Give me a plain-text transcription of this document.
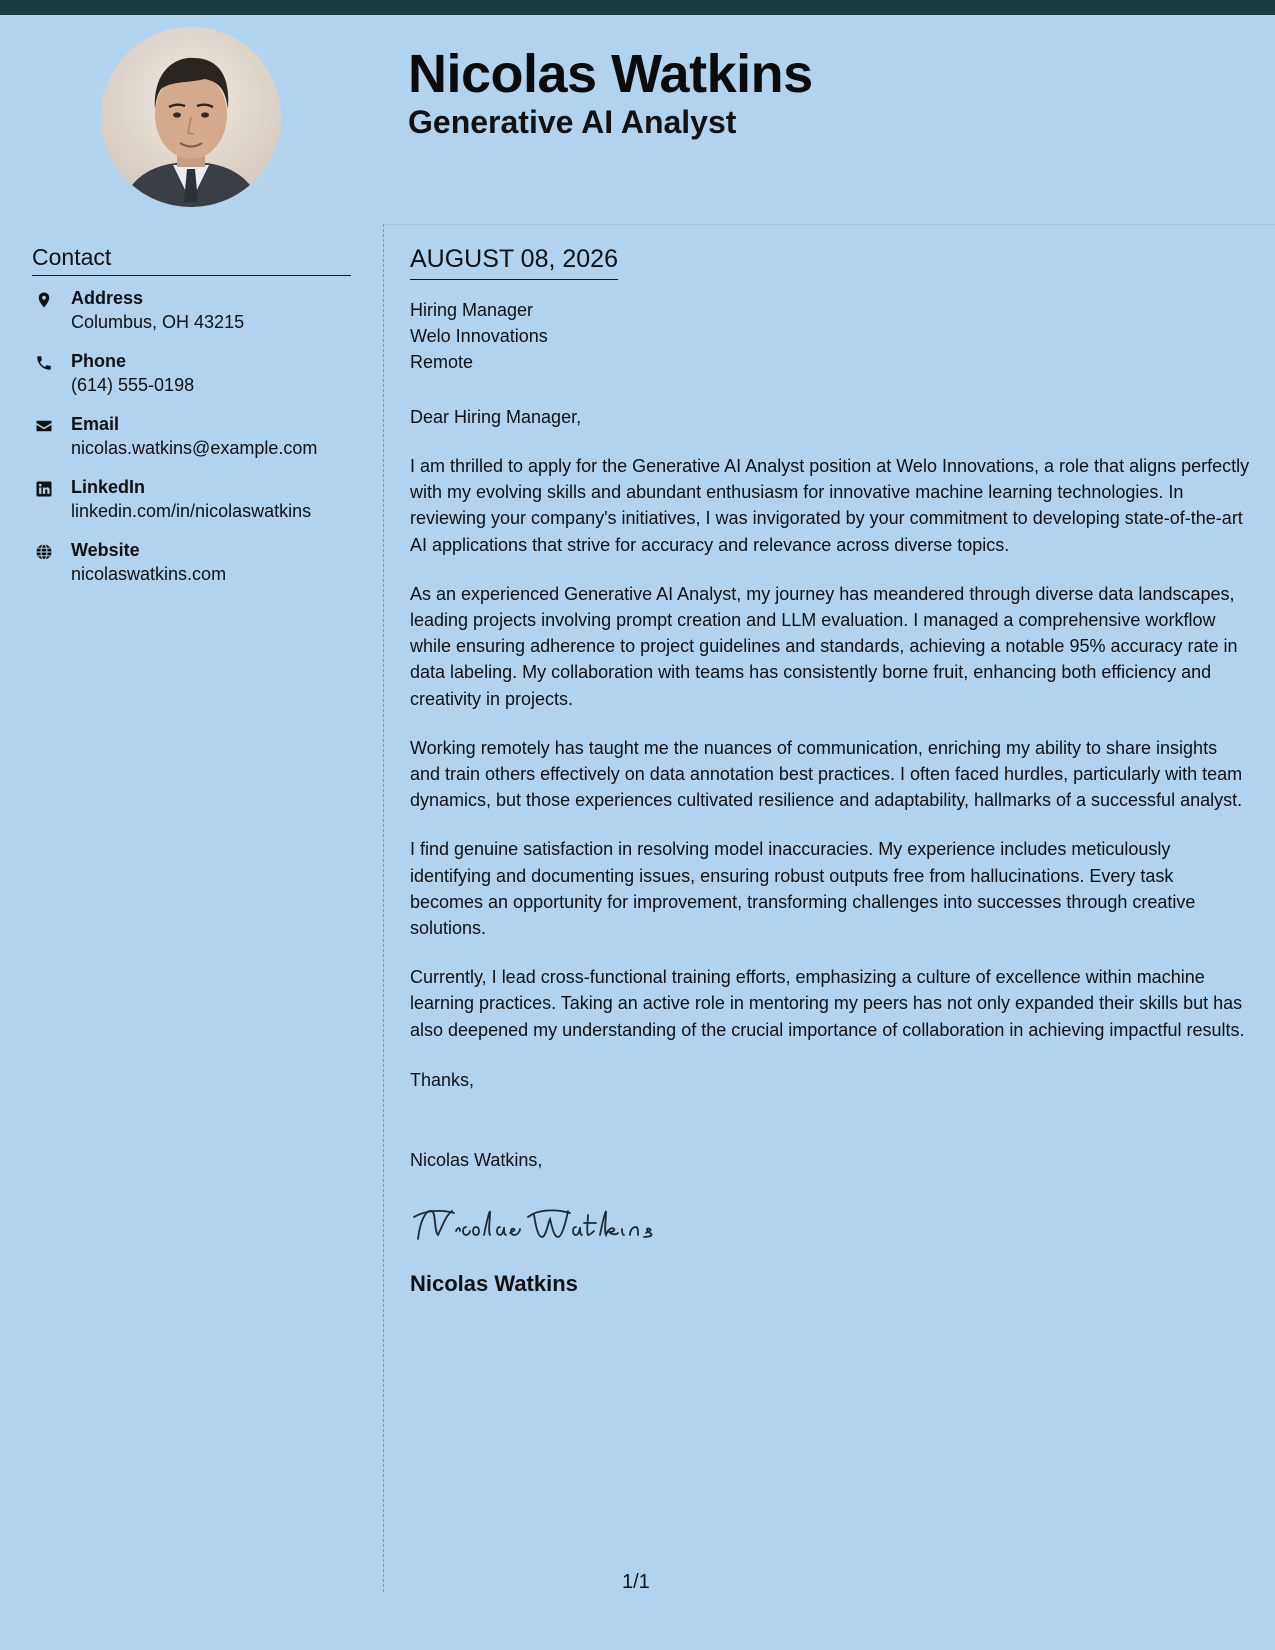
Nicolas Watkins
Generative AI Analyst
Contact
Address
Columbus, OH 43215
Phone
(614) 555-0198
Email
nicolas.watkins@example.com
LinkedIn
linkedin.com/in/nicolaswatkins
Website
nicolaswatkins.com
AUGUST 08, 2026
Hiring Manager
Welo Innovations
Remote

Dear Hiring Manager,

I am thrilled to apply for the Generative AI Analyst position at Welo Innovations, a role that aligns perfectly with my evolving skills and abundant enthusiasm for innovative machine learning technologies. In reviewing your company's initiatives, I was invigorated by your commitment to developing state-of-the-art AI applications that strive for accuracy and relevance across diverse topics.

As an experienced Generative AI Analyst, my journey has meandered through diverse data landscapes, leading projects involving prompt creation and LLM evaluation. I managed a comprehensive workflow while ensuring adherence to project guidelines and standards, achieving a notable 95% accuracy rate in data labeling. My collaboration with teams has consistently borne fruit, enhancing both efficiency and creativity in projects.

Working remotely has taught me the nuances of communication, enriching my ability to share insights and train others effectively on data annotation best practices. I often faced hurdles, particularly with team dynamics, but those experiences cultivated resilience and adaptability, hallmarks of a successful analyst.

I find genuine satisfaction in resolving model inaccuracies. My experience includes meticulously identifying and documenting issues, ensuring robust outputs free from hallucinations. Every task becomes an opportunity for improvement, transforming challenges into successes through creative solutions.

Currently, I lead cross-functional training efforts, emphasizing a culture of excellence within machine learning practices. Taking an active role in mentoring my peers has not only expanded their skills but has also deepened my understanding of the crucial importance of collaboration in achieving impactful results.

Thanks,

Nicolas Watkins,

Nicolas Watkins

1/1
